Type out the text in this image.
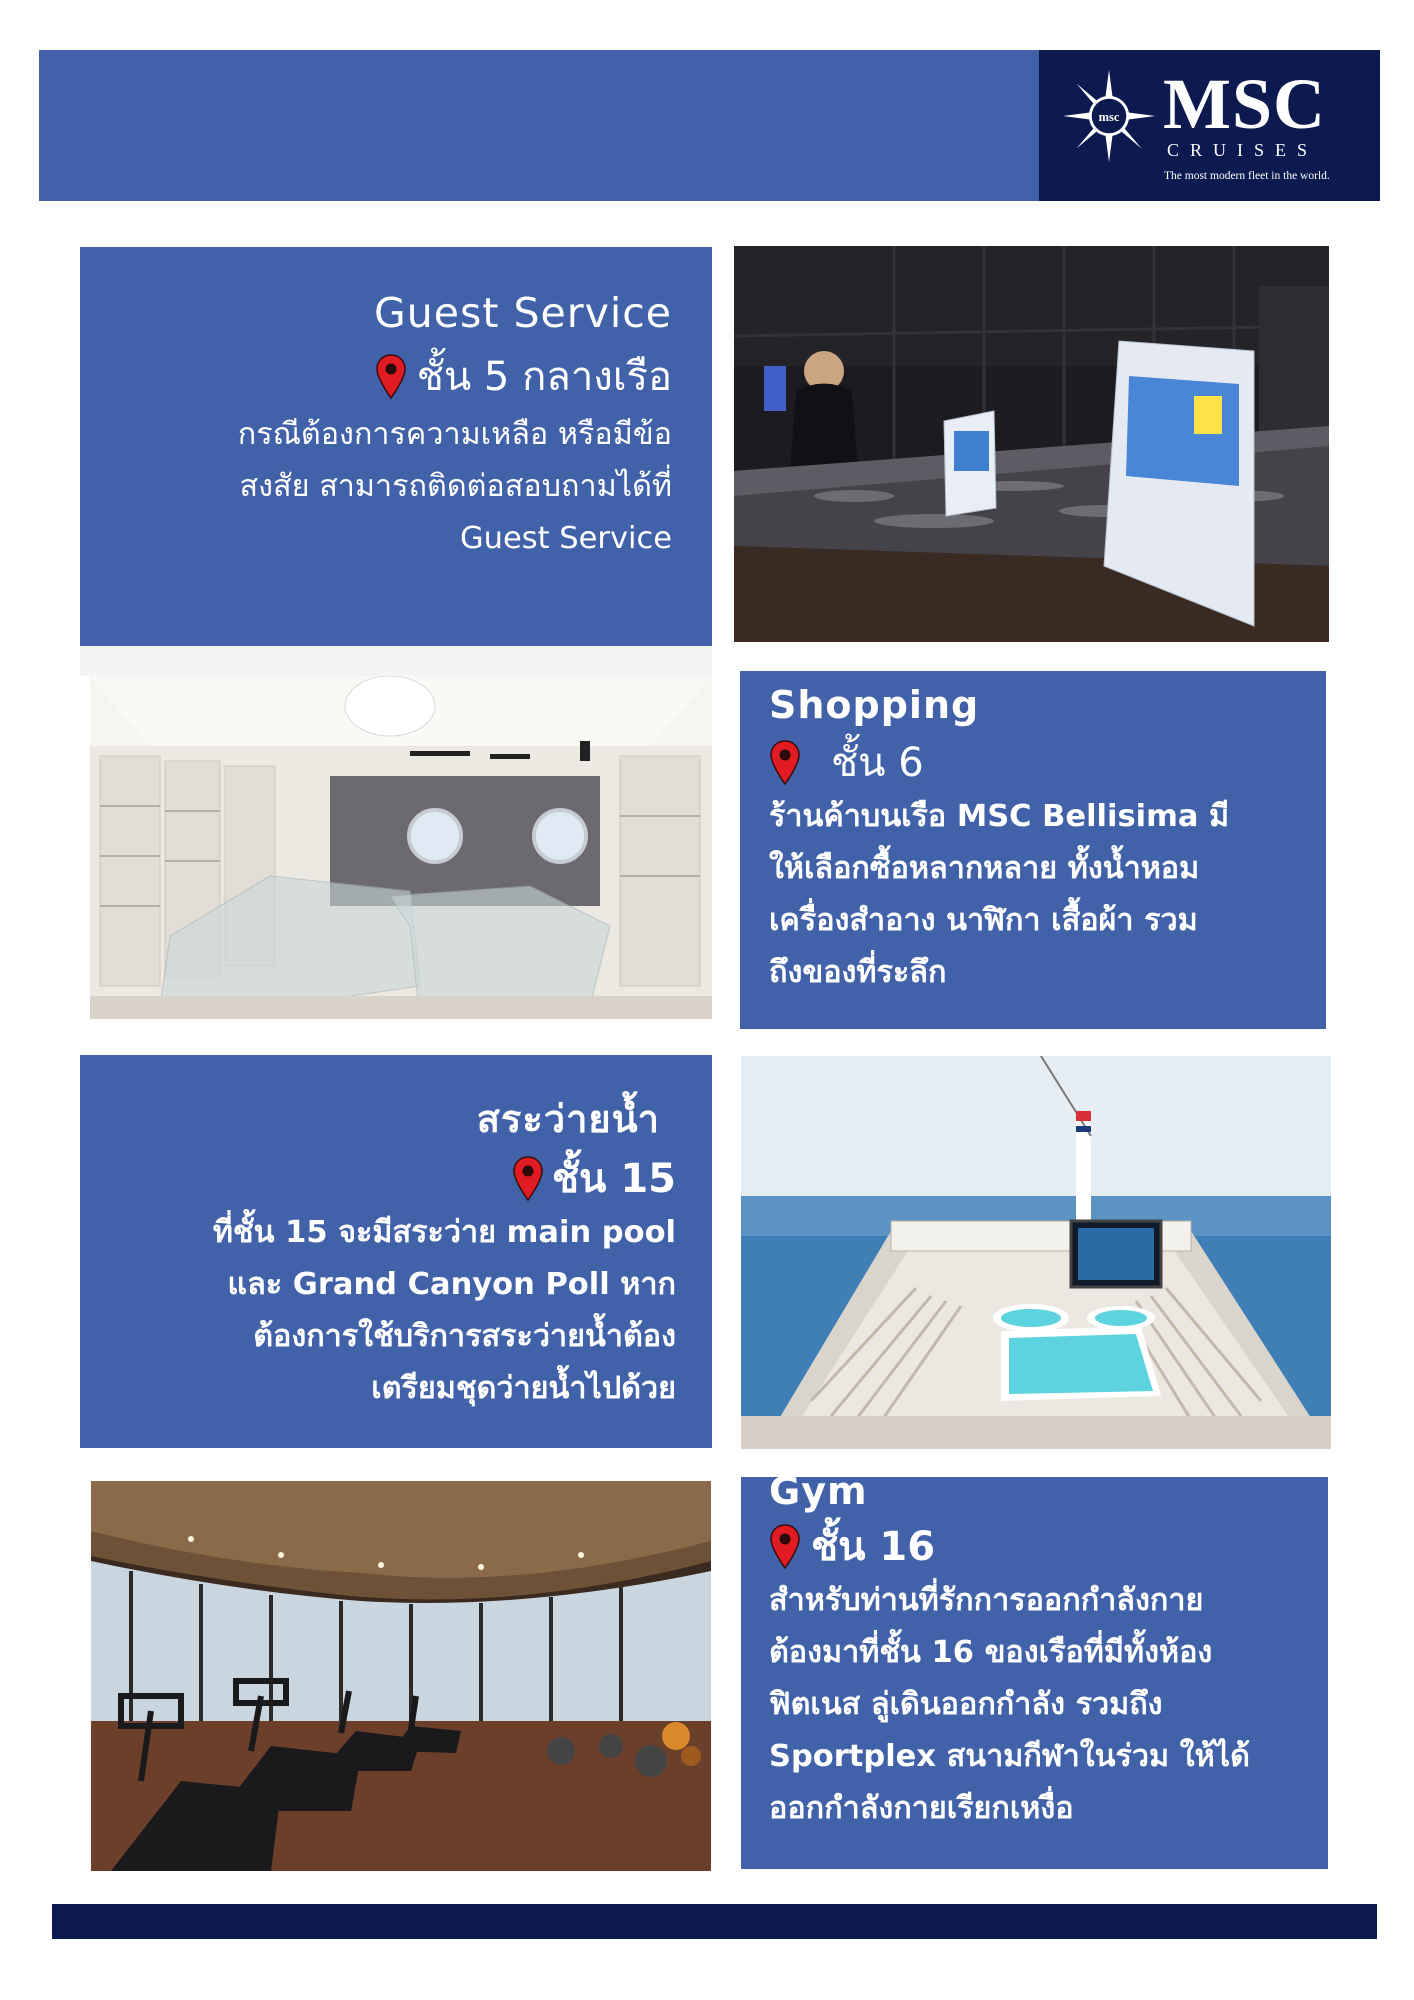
msc MSC
CRUISES
The most modern fleet in the world.
Guest Service
ชั้น 5 กลางเรือ
กรณีต้องการความเหลือ หรือมีข้อ
สงสัย สามารถติดต่อสอบถามได้ที่
Guest Service
Shopping
ชั้น 6
ร้านค้าบนเรือ MSC Bellisima มี
ให้เลือกซื้อหลากหลาย ทั้งน้ำหอม
เครื่องสำอาง นาฬิกา เสื้อผ้า รวม
ถึงของที่ระลึก
สระว่ายน้ำ
ชั้น 15
ที่ชั้น 15 จะมีสระว่าย main pool
และ Grand Canyon Poll หาก
ต้องการใช้บริการสระว่ายน้ำต้อง
เตรียมชุดว่ายน้ำไปด้วย
Gym
ชั้น 16
สำหรับท่านที่รักการออกกำลังกาย
ต้องมาที่ชั้น 16 ของเรือที่มีทั้งห้อง
ฟิตเนส ลู่เดินออกกำลัง รวมถึง
Sportplex สนามกีฬาในร่วม ให้ได้
ออกกำลังกายเรียกเหงื่อ
